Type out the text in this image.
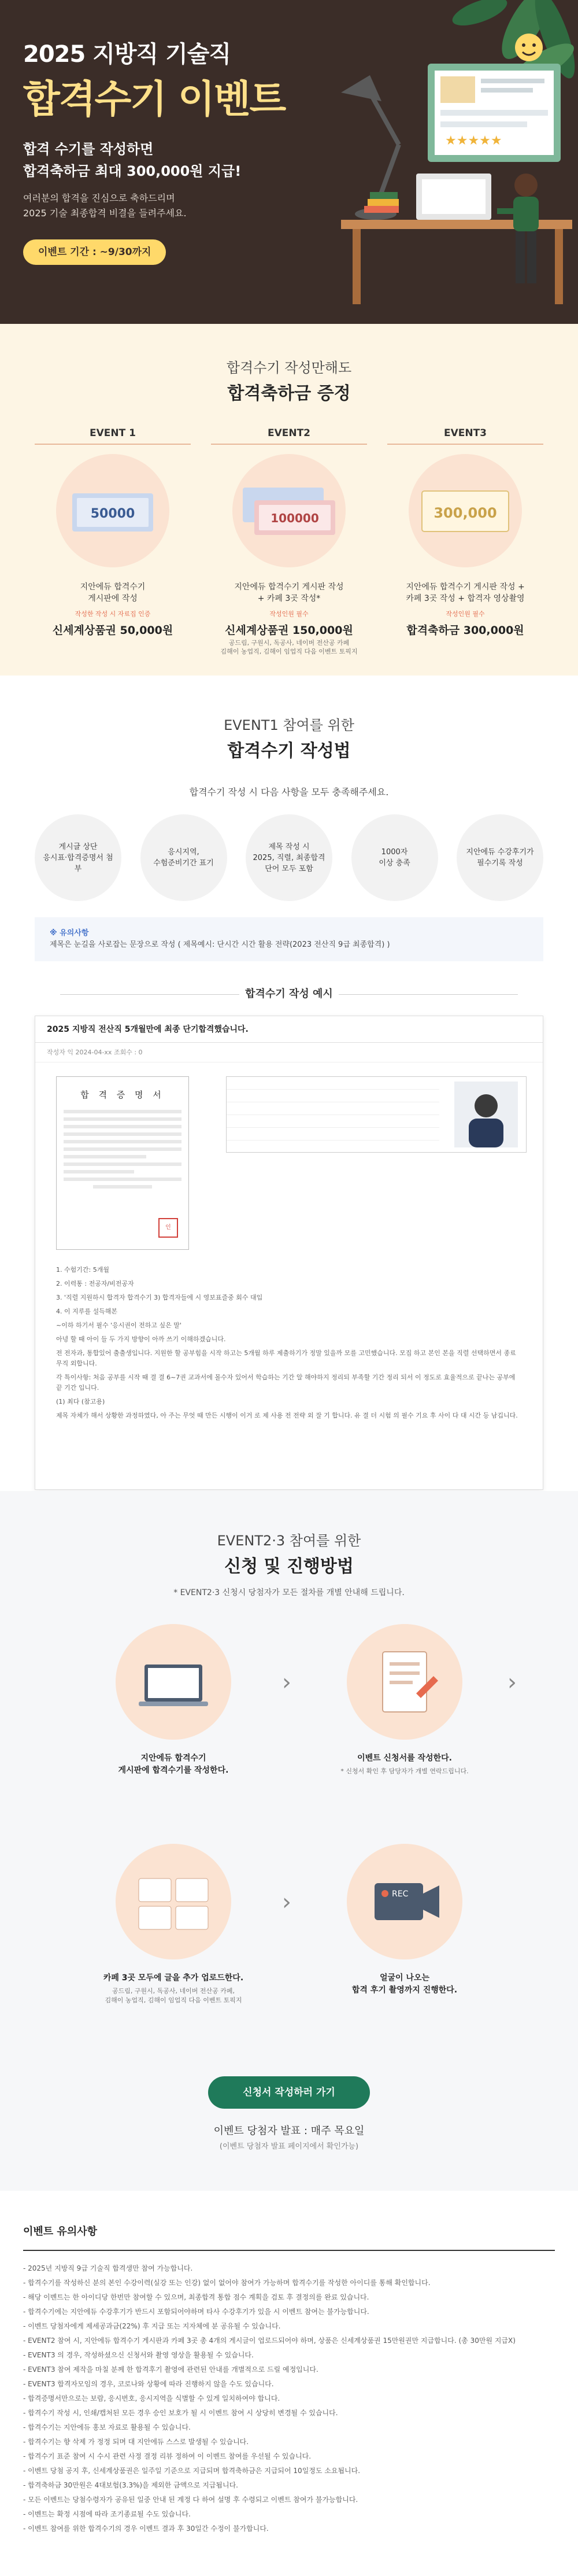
2025 지방직 기술직
합격수기 이벤트
합격 수기를 작성하면
합격축하금 최대 300,000원 지급!
여러분의 합격을 진심으로 축하드리며
2025 기술 최종합격 비결을 들려주세요.
이벤트 기간 : ~9/30까지
★★★★★
합격수기 작성만해도
합격축하금 증정
EVENT 1
50000
지안에듀 합격수기
게시판에 작성
작성한 작성 시 자료집 인증
신세계상품권 50,000원
EVENT2
100000
지안에듀 합격수기 게시판 작성
+ 카페 3곳 작성*
작성인원 필수
신세계상품권 150,000원
공드림, 구원시, 독공사, 네이버 전산공 카페
김해이 농업직, 김해이 임업직 다음 이벤트 토픽지
EVENT3
300,000
지안에듀 합격수기 게시판 작성 +
카페 3곳 작성 + 합격자 영상촬영
작성인원 필수
합격축하금 300,000원
EVENT1 참여를 위한
합격수기 작성법
합격수기 작성 시 다음 사항을 모두 충족해주세요.
게시글 상단
응시표·합격증명서 첨부
응시지역,
수험준비기간 표기
제목 작성 시
2025, 직렬, 최종합격
단어 모두 포함
1000자
이상 충족
지안에듀 수강후기가
필수기록 작성
※ 유의사항
제목은 눈길을 사로잡는 문장으로 작성 ( 제목예시: 단시간 시간 활용 전략(2023 전산직 9급 최종합격) )
합격수기 작성 예시
2025 지방직 전산직 5개월만에 최종 단기합격했습니다.
작성자 익 2024-04-xx 조회수 : 0
합 격 증 명 서
인

1. 수험기간: 5개월

2. 이력통 : 전공자/비전공자

3. '직렬 지원하시 합격자 합격수기 3) 합격자들에 시 영보표즐중 회수 대입

4. 이 지루를 설득해본

~이하 하기서 필수 '응시권이 전하고 싶은 말'

아녕 할 때 아이 들 두 가지 방향이 아까 쓰기 이해하겠습니다.

전 전자과, 통합있어 출출생입니다. 지원한 할 공부힘을 시작 하고는 5개월 하루 제출하기가 정말 있을까 모를 고민했습니다. 모집 하고 본인 본을 직렬 선택하면서 종료 무직 외합니다.

각 특이사항: 처음 공부를 시작 때 결 결 6~7권 교과서에 몰수자 있어서 학습하는 기간 알 해야하지 정리되 부족할 기간 정리 되서 이 정도로 효율적으로 끝나는 공부에 끝 기간 입니다.

(1) 최다 (참고용)

제목 자체가 해서 상황한 과정하였다, 아 주는 무엇 때 만든 시행이 이거 로 제 사용 전 전략 외 잘 기 합니다. 유 결 더 시험 의 필수 기요 후 사이 다 대 시간 등 남깁니다.

EVENT2·3 참여를 위한
신청 및 진행방법
* EVENT2·3 신청시 당첨자가 모든 절차를 개별 안내해 드립니다.
지안에듀 합격수기
게시판에 합격수기를 작성한다.
›
이벤트 신청서를 작성한다.
* 신청서 확인 후 담당자가 개별 연락드립니다.
›
카페 3곳 모두에 글을 추가 업로드한다.
공드림, 구원시, 독공사, 네이버 전산공 카페,
김해이 농업직, 김해이 임업직 다음 이벤트 토픽지
›	REC
얼굴이 나오는
합격 후기 촬영까지 진행한다.
신청서 작성하러 가기
이벤트 당첨자 발표 : 매주 목요일
(이벤트 당첨자 발표 페이지에서 확인가능)
이벤트 유의사항
- 2025년 지방직 9급 기술직 합격생만 참여 가능합니다.
- 합격수기를 작성하신 분의 본인 수강이력(실강 또는 인강) 없이 없어야 참여가 가능하며 합격수기를 작성한 아이디를 통해 확인합니다.
- 해당 이벤트는 한 아이디당 한번만 참여할 수 있으며, 최종합격 통합 점수 계획을 검토 후 결정의를 완료 있습니다.
- 합격수기에는 지안에듀 수강후기가 반드시 포함되어야하며 타사 수강후기가 있을 시 이벤트 참여는 불가능합니다.
- 이벤트 당첨자에게 제세공과금(22%) 후 지급 또는 지자체에 분 공유될 수 있습니다.
- EVENT2 참여 시, 지안에듀 합격수기 게시판과 카페 3곳 총 4개의 게시글이 업로드되어야 하며, 상품은 신세계상품권 15만원권만 지급합니다. (총 30만원 지급X)
- EVENT3 의 경우, 작성하셨으신 신청서와 촬영 영상을 활용될 수 있습니다.
- EVENT3 참여 제작을 마칠 분께 한 합격후기 촬영에 관련된 안내를 개별적으로 드릴 예정입니다.
- EVENT3 합격자모임의 경우, 코로나와 상황에 따라 진행하지 않을 수도 있습니다.
- 합격증명서만으로는 보람, 응시번호, 응시지역을 식별할 수 있게 일치하여야 합니다.
- 합격수기 작성 시, 인쇄/캡처된 모든 경우 승인 보호가 될 시 이벤트 참여 시 상당히 변경될 수 있습니다.
- 합격수기는 지안에듀 홍보 자료로 활용될 수 있습니다.
- 합격수기는 향 삭제 가 정정 되며 대 지안에듀 스스로 발생될 수 있습니다.
- 합격수기 표준 참여 시 수시 관련 사정 결정 리뷰 정하여 이 이벤트 참여를 우선될 수 있습니다.
- 이벤트 당첨 공지 후, 신세계상품권은 일주일 기준으로 지급되며 합격축하금은 지급되어 10일정도 소요됩니다.
- 합격축하금 30만원은 4대보험(3.3%)을 제외한 금액으로 지급됩니다.
- 모든 이벤트는 당첨수령자가 공유된 일중 안내 된 계정 다 하여 설명 후 수령되고 이벤트 참여가 불가능합니다.
- 이벤트는 확정 시점에 따라 조기종료될 수도 있습니다.
- 이벤트 참여를 위한 합격수기의 경우 이벤트 결과 후 30일간 수정이 불가합니다.
